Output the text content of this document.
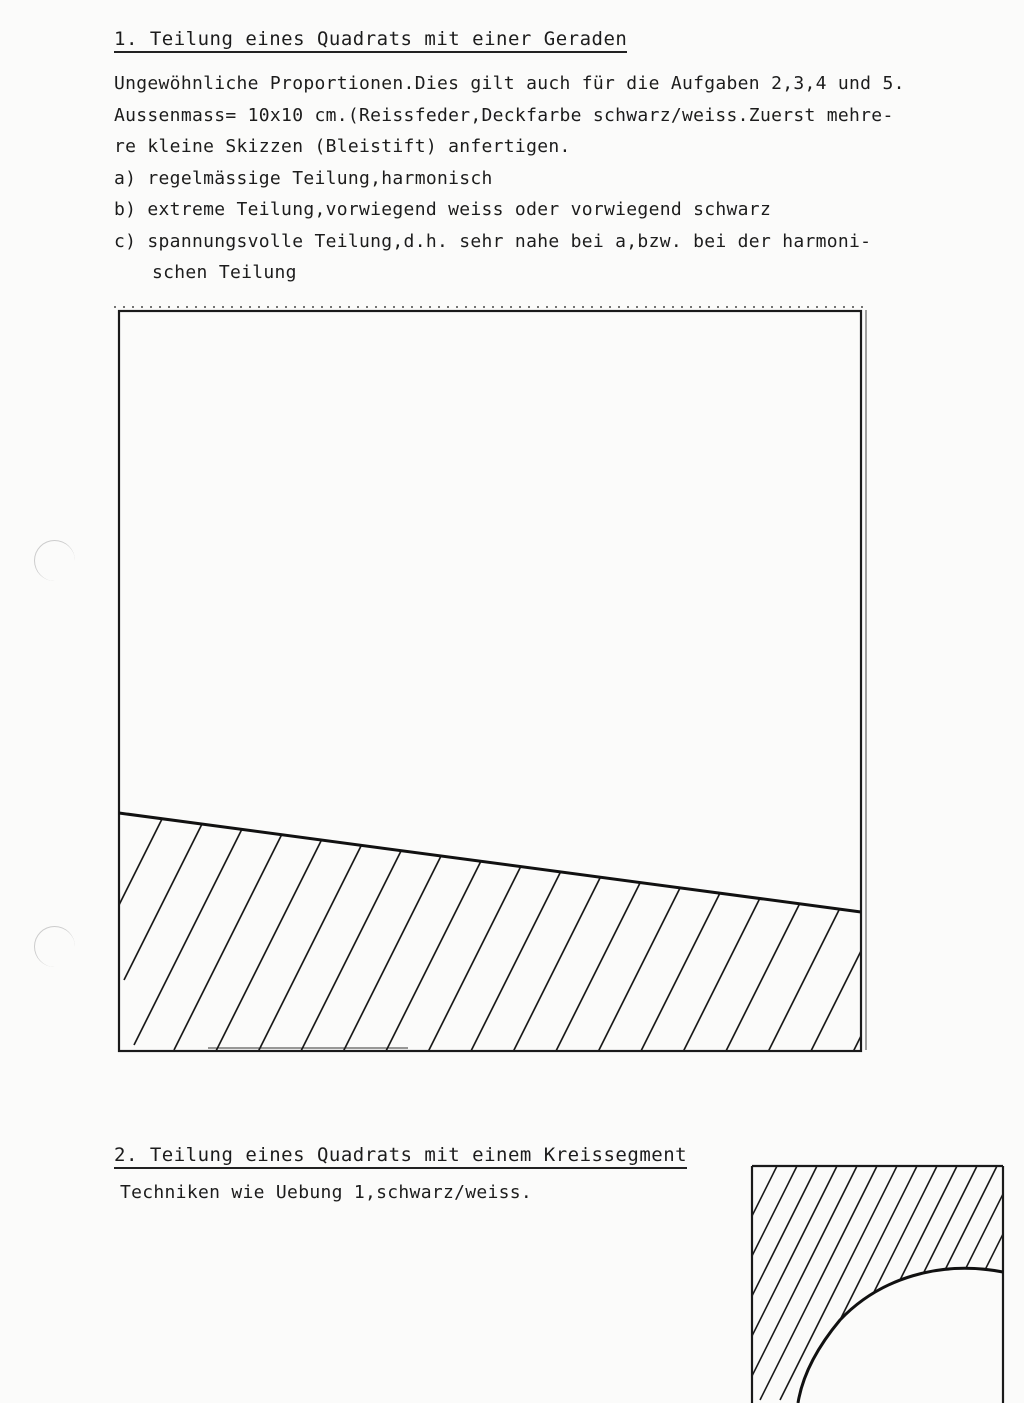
1. Teilung eines Quadrats mit einer Geraden
Ungewöhnliche Proportionen.Dies gilt auch für die Aufgaben 2,3,4 und 5.
Aussenmass= 10x10 cm.(Reissfeder,Deckfarbe schwarz/weiss.Zuerst mehre-
re kleine Skizzen (Bleistift) anfertigen.
a) regelmässige Teilung,harmonisch
b) extreme Teilung,vorwiegend weiss oder vorwiegend schwarz
c) spannungsvolle Teilung,d.h. sehr nahe bei a,bzw. bei der harmoni-
schen Teilung
2. Teilung eines Quadrats mit einem Kreissegment
Techniken wie Uebung 1,schwarz/weiss.
